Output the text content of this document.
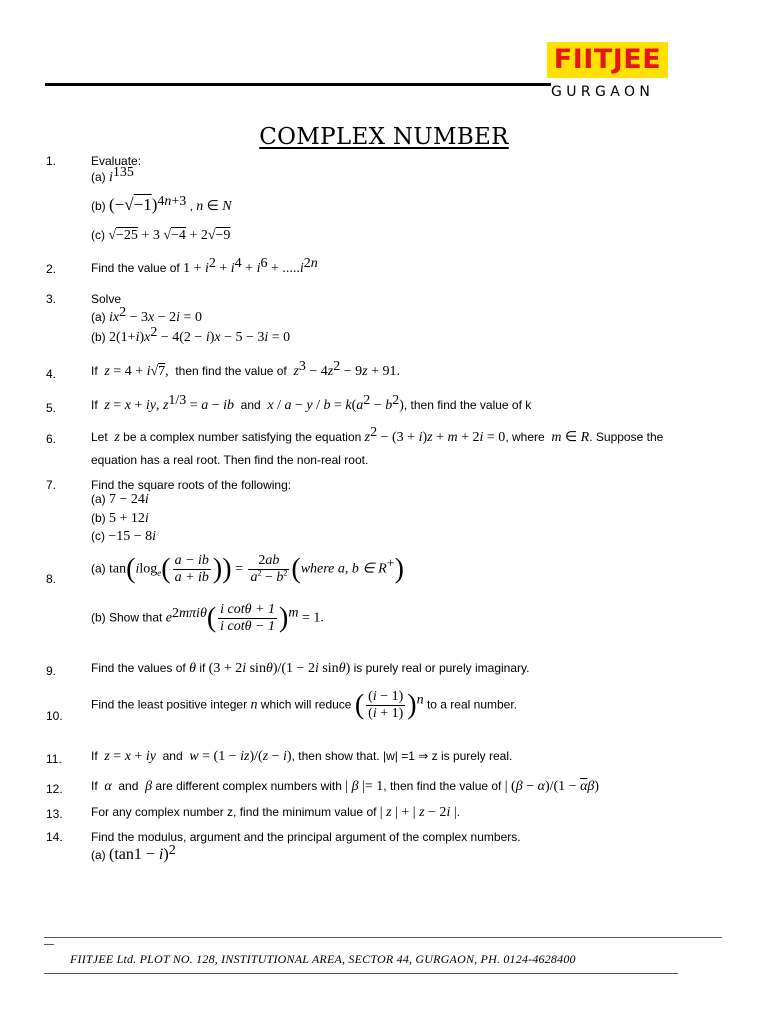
FIITJEE
GURGAON
COMPLEX NUMBER
1.	Evaluate:
(a) $i^{135}$
(b) $(-√-1)^{4n+3}$ , n ∈ N
(c) √−25 + 3 √−4 + 2√−9
2.	Find the value of $1 + i^2 + i^4 + i^6 + .....i^{2n}$
3.	Solve
(a) $ix^2 - 3x - 2i = 0$
(b) $2(1+i)x^2 - 4(2 - i)x - 5 - 3i = 0$
4.	If z = 4 + i√7, then find the value of $z^3 - 4z^2 - 9z + 91$.
5.	If z = x + iy, $z^{1/3} = a$ − ib and $x / a - y / b = k(a^2 - b^2)$, then find the value of k
6.	Let z be a complex number satisfying the equation $z^2 - (3 + i)z + m + 2i = 0$, where m ∈ R. Suppose the
equation has a real root. Then find the non-real root.
7.	Find the square roots of the following:
(a) 7 − 24i
(b) 5 + 12i
(c) −15 − 8i
8.
(a) $\tan(ilog_e( \frac{a - ib}{a + ib}$ )) = $\frac{2ab}{a^2 - b^2}$ (where a, b ∈ R+)
(b) Show that $e^{2m\pi i\theta}( \frac{\text{i cotθ + 1}}{\text{i cotθ − 1}} )^m = 1$.
9.	Find the values of θ if (3 + 2i sinθ)/(1 − 2i sinθ) is purely real or purely imaginary.
10.
Find the least positive integer n which will reduce ( $\frac{(i - 1)}{(i + 1)} )^n$ to a real number.
11. If z = x + iy and w = (1 − iz)/(z − i), then show that. |w| =1 ⇒ z is purely real.
12. If α and β are different complex numbers with | β |= 1, then find the value of | $(\beta - \alpha)/(1 - \overline{\alpha}\beta)$
13. For any complex number z, find the minimum value of | z | + | z − 2i |.
14. Find the modulus, argument and the principal argument of the complex numbers.
(a) $(\tan 1 - i)^2$
—
FIITJEE Ltd. PLOT NO. 128, INSTITUTIONAL AREA, SECTOR 44, GURGAON, PH. 0124-4628400
